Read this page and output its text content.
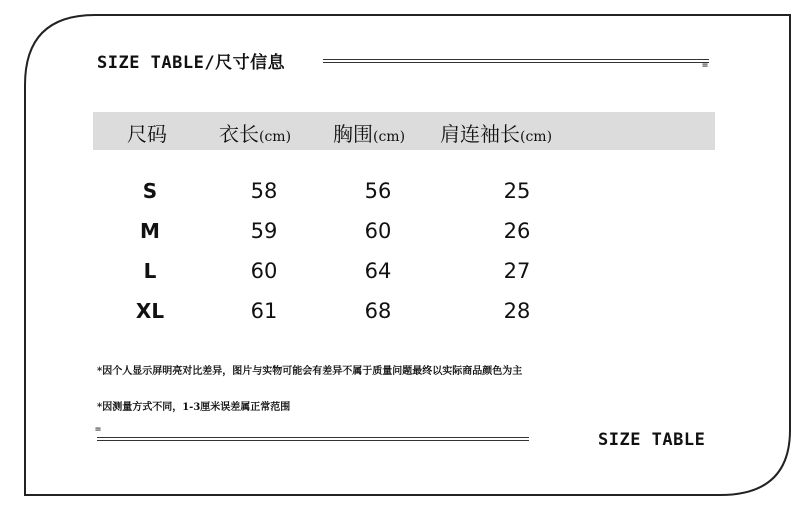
SIZE TABLE/尺寸信息	=
尺码	衣长(cm) 胸围(cm) 肩连袖长(cm)
S	58	56	25
M	59	60	26
L	60	64	27
XL	61	68	28
*因个人显示屏明亮对比差异，图片与实物可能会有差异不属于质量问题最终以实际商品颜色为主
*因测量方式不同，1-3厘米误差属正常范围
=
SIZE TABLE
